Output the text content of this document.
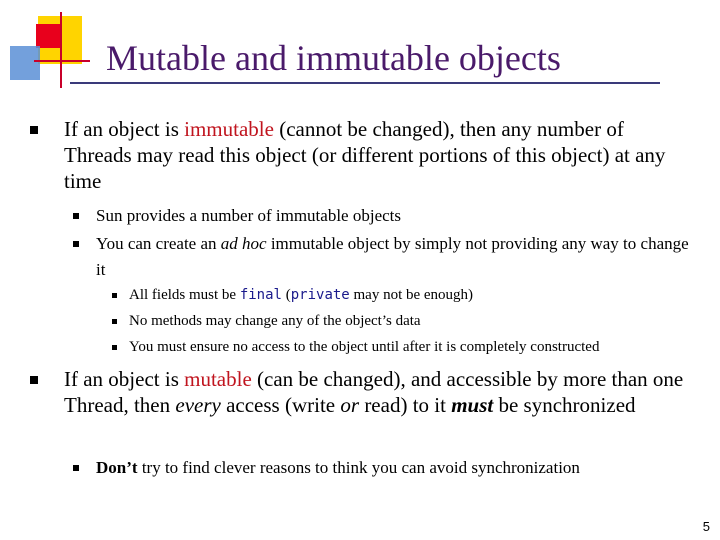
Mutable and immutable objects
If an object is immutable (cannot be changed), then any number of Threads may read this object (or different portions of this object) at any time
Sun provides a number of immutable objects
You can create an ad hoc immutable object by simply not providing any way to change it
All fields must be final (private may not be enough)
No methods may change any of the object’s data
You must ensure no access to the object until after it is completely constructed
If an object is mutable (can be changed), and accessible by more than one Thread, then every access (write or read) to it must be synchronized
Don’t try to find clever reasons to think you can avoid synchronization
5
